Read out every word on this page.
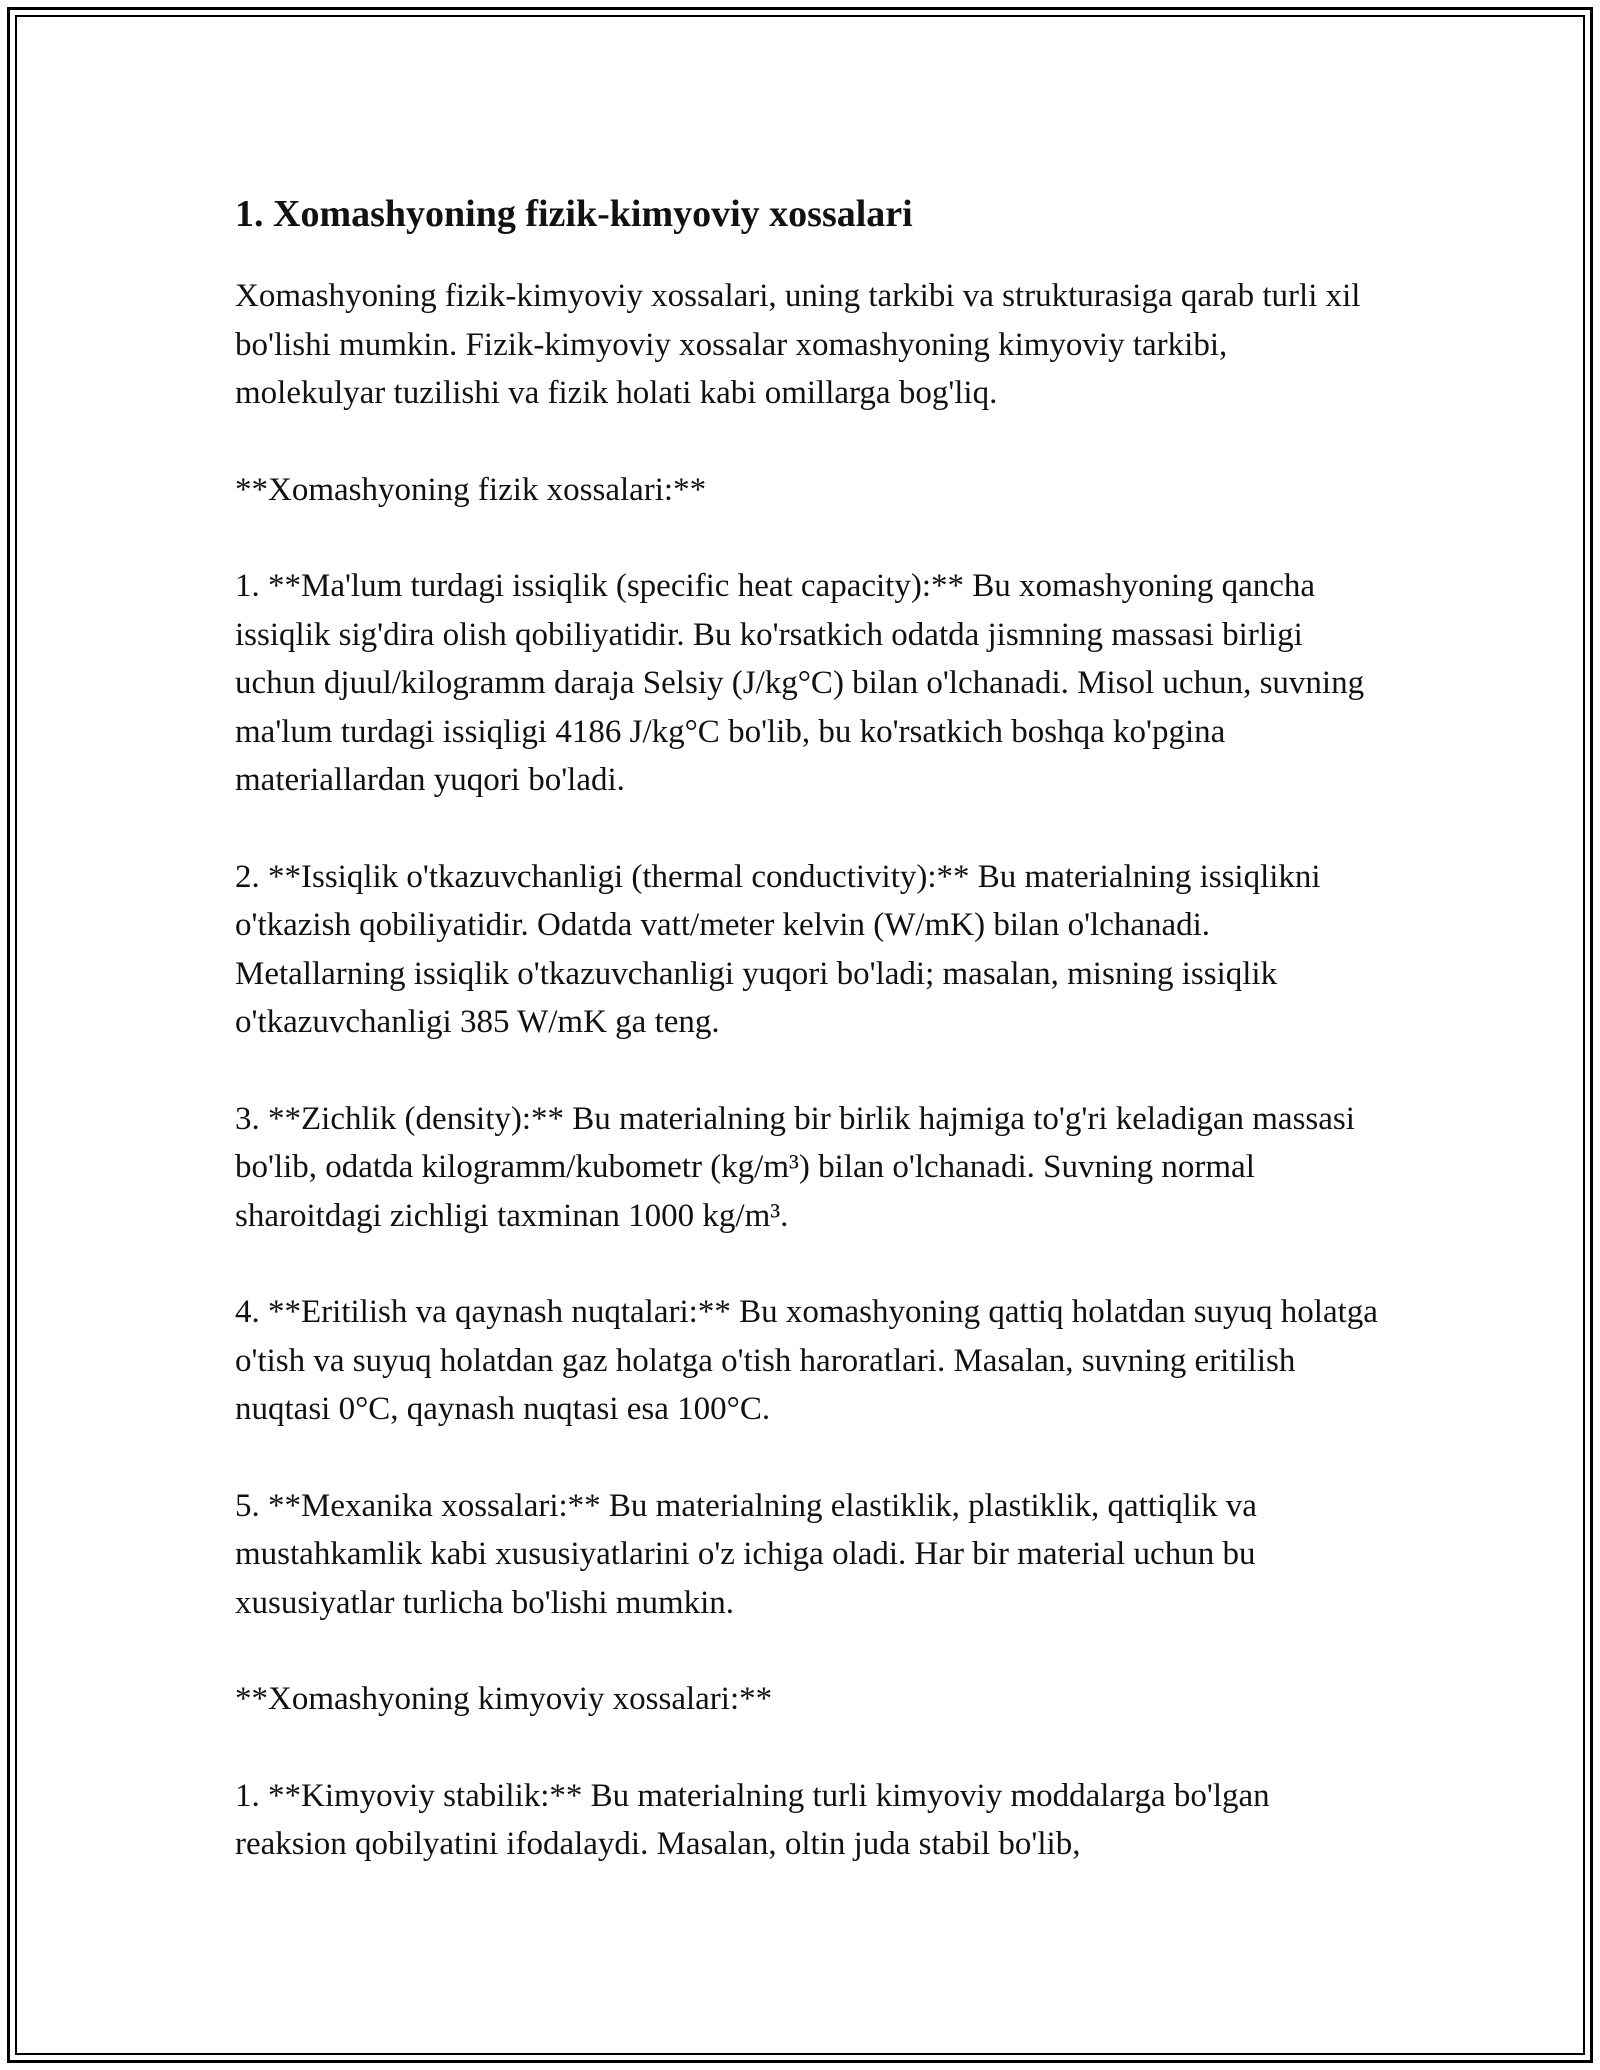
1. Xomashyoning fizik-kimyoviy xossalari

Xomashyoning fizik-kimyoviy xossalari, uning tarkibi va strukturasiga qarab turli xil bo'lishi mumkin. Fizik-kimyoviy xossalar xomashyoning kimyoviy tarkibi, molekulyar tuzilishi va fizik holati kabi omillarga bog'liq.

**Xomashyoning fizik xossalari:**

1. **Ma'lum turdagi issiqlik (specific heat capacity):** Bu xomashyoning qancha issiqlik sig'dira olish qobiliyatidir. Bu ko'rsatkich odatda jismning massasi birligi uchun djuul/kilogramm daraja Selsiy (J/kg°C) bilan o'lchanadi. Misol uchun, suvning ma'lum turdagi issiqligi 4186 J/kg°C bo'lib, bu ko'rsatkich boshqa ko'pgina materiallardan yuqori bo'ladi.

2. **Issiqlik o'tkazuvchanligi (thermal conductivity):** Bu materialning issiqlikni o'tkazish qobiliyatidir. Odatda vatt/meter kelvin (W/mK) bilan o'lchanadi. Metallarning issiqlik o'tkazuvchanligi yuqori bo'ladi; masalan, misning issiqlik o'tkazuvchanligi 385 W/mK ga teng.

3. **Zichlik (density):** Bu materialning bir birlik hajmiga to'g'ri keladigan massasi bo'lib, odatda kilogramm/kubometr (kg/m³) bilan o'lchanadi. Suvning normal sharoitdagi zichligi taxminan 1000 kg/m³.

4. **Eritilish va qaynash nuqtalari:** Bu xomashyoning qattiq holatdan suyuq holatga o'tish va suyuq holatdan gaz holatga o'tish haroratlari. Masalan, suvning eritilish nuqtasi 0°C, qaynash nuqtasi esa 100°C.

5. **Mexanika xossalari:** Bu materialning elastiklik, plastiklik, qattiqlik va mustahkamlik kabi xususiyatlarini o'z ichiga oladi. Har bir material uchun bu xususiyatlar turlicha bo'lishi mumkin.

**Xomashyoning kimyoviy xossalari:**

1. **Kimyoviy stabilik:** Bu materialning turli kimyoviy moddalarga bo'lgan reaksion qobilyatini ifodalaydi. Masalan, oltin juda stabil bo'lib,
